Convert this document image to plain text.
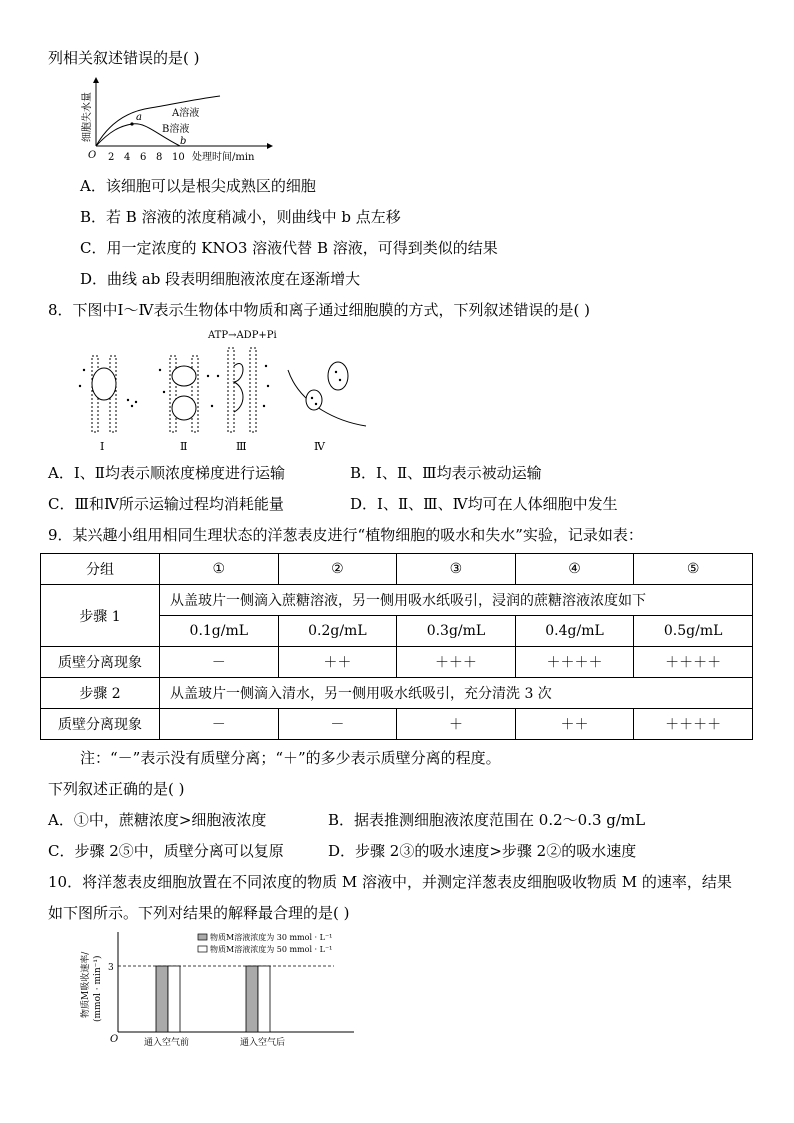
列相关叙述错误的是( )
O 2 4 6 8 10 处理时间/min
细胞失水量	A溶液
B溶液
a
b
A．该细胞可以是根尖成熟区的细胞
B．若 B 溶液的浓度稍减小，则曲线中 b 点左移
C．用一定浓度的 KNO3 溶液代替 B 溶液，可得到类似的结果
D．曲线 ab 段表明细胞液浓度在逐渐增大
8．下图中Ⅰ～Ⅳ表示生物体中物质和离子通过细胞膜的方式，下列叙述错误的是( )
ATP→ADP+Pi
Ⅰ	Ⅱ	Ⅲ	Ⅳ
A．Ⅰ、Ⅱ均表示顺浓度梯度进行运输	B．Ⅰ、Ⅱ、Ⅲ均表示被动运输
C．Ⅲ和Ⅳ所示运输过程均消耗能量	D．Ⅰ、Ⅱ、Ⅲ、Ⅳ均可在人体细胞中发生
9．某兴趣小组用相同生理状态的洋葱表皮进行“植物细胞的吸水和失水”实验，记录如表：
分组	①	②	③	④	⑤
步骤 1	从盖玻片一侧滴入蔗糖溶液，另一侧用吸水纸吸引，浸润的蔗糖溶液浓度如下				
	0.1g/mL	0.2g/mL	0.3g/mL	0.4g/mL	0.5g/mL
质壁分离现象	－	＋＋	＋＋＋	＋＋＋＋	＋＋＋＋
步骤 2	从盖玻片一侧滴入清水，另一侧用吸水纸吸引，充分清洗 3 次				
质壁分离现象	－	－	＋	＋＋	＋＋＋＋
注：“－”表示没有质壁分离；“＋”的多少表示质壁分离的程度。
下列叙述正确的是( )
A．①中，蔗糖浓度>细胞液浓度	B．据表推测细胞液浓度范围在 0.2～0.3 g/mL
C．步骤 2⑤中，质壁分离可以复原	D．步骤 2③的吸水速度>步骤 2②的吸水速度
10．将洋葱表皮细胞放置在不同浓度的物质 M 溶液中，并测定洋葱表皮细胞吸收物质 M 的速率，结果
如下图所示。下列对结果的解释最合理的是( )
物质M吸收速率/ (mmol · min⁻¹) 3
O	通入空气前	通入空气后
物质M溶液浓度为 30 mmol · L⁻¹
物质M溶液浓度为 50 mmol · L⁻¹
